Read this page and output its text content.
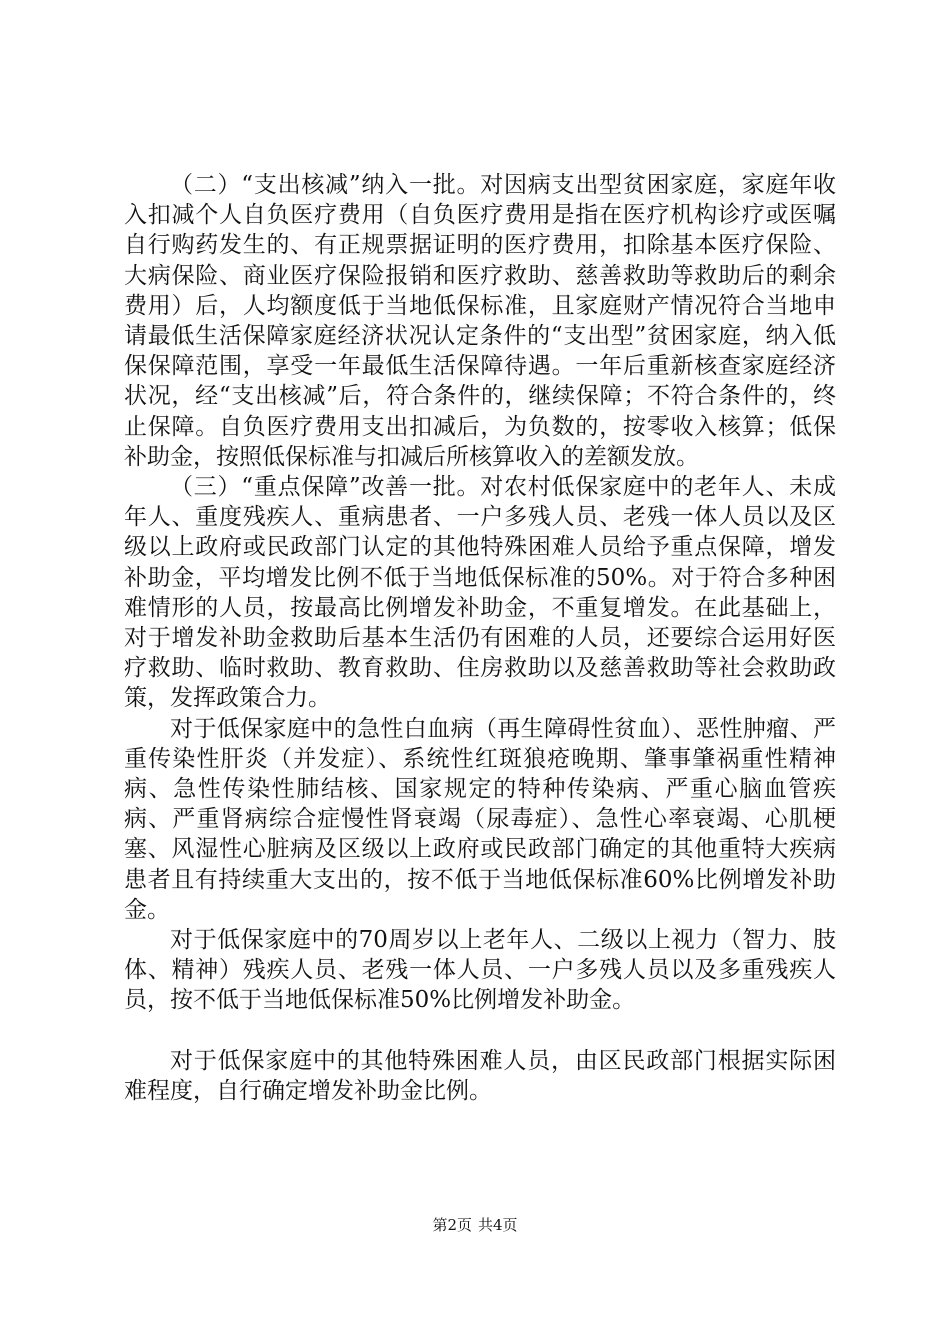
（二）“支出核减”纳入一批。对因病支出型贫困家庭，家庭年收入扣减个人自负医疗费用（自负医疗费用是指在医疗机构诊疗或医嘱自行购药发生的、有正规票据证明的医疗费用，扣除基本医疗保险、大病保险、商业医疗保险报销和医疗救助、慈善救助等救助后的剩余费用）后，人均额度低于当地低保标准，且家庭财产情况符合当地申请最低生活保障家庭经济状况认定条件的“支出型”贫困家庭，纳入低保保障范围，享受一年最低生活保障待遇。一年后重新核查家庭经济状况，经“支出核减”后，符合条件的，继续保障；不符合条件的，终止保障。自负医疗费用支出扣减后，为负数的，按零收入核算；低保补助金，按照低保标准与扣减后所核算收入的差额发放。

（三）“重点保障”改善一批。对农村低保家庭中的老年人、未成年人、重度残疾人、重病患者、一户多残人员、老残一体人员以及区级以上政府或民政部门认定的其他特殊困难人员给予重点保障，增发补助金，平均增发比例不低于当地低保标准的50%。对于符合多种困难情形的人员，按最高比例增发补助金，不重复增发。在此基础上，对于增发补助金救助后基本生活仍有困难的人员，还要综合运用好医疗救助、临时救助、教育救助、住房救助以及慈善救助等社会救助政策，发挥政策合力。

对于低保家庭中的急性白血病（再生障碍性贫血）、恶性肿瘤、严重传染性肝炎（并发症）、系统性红斑狼疮晚期、肇事肇祸重性精神病、急性传染性肺结核、国家规定的特种传染病、严重心脑血管疾病、严重肾病综合症慢性肾衰竭（尿毒症）、急性心率衰竭、心肌梗塞、风湿性心脏病及区级以上政府或民政部门确定的其他重特大疾病患者且有持续重大支出的，按不低于当地低保标准60%比例增发补助金。

对于低保家庭中的70周岁以上老年人、二级以上视力（智力、肢体、精神）残疾人员、老残一体人员、一户多残人员以及多重残疾人员，按不低于当地低保标准50%比例增发补助金。

对于低保家庭中的其他特殊困难人员，由区民政部门根据实际困难程度，自行确定增发补助金比例。

第2页 共4页
